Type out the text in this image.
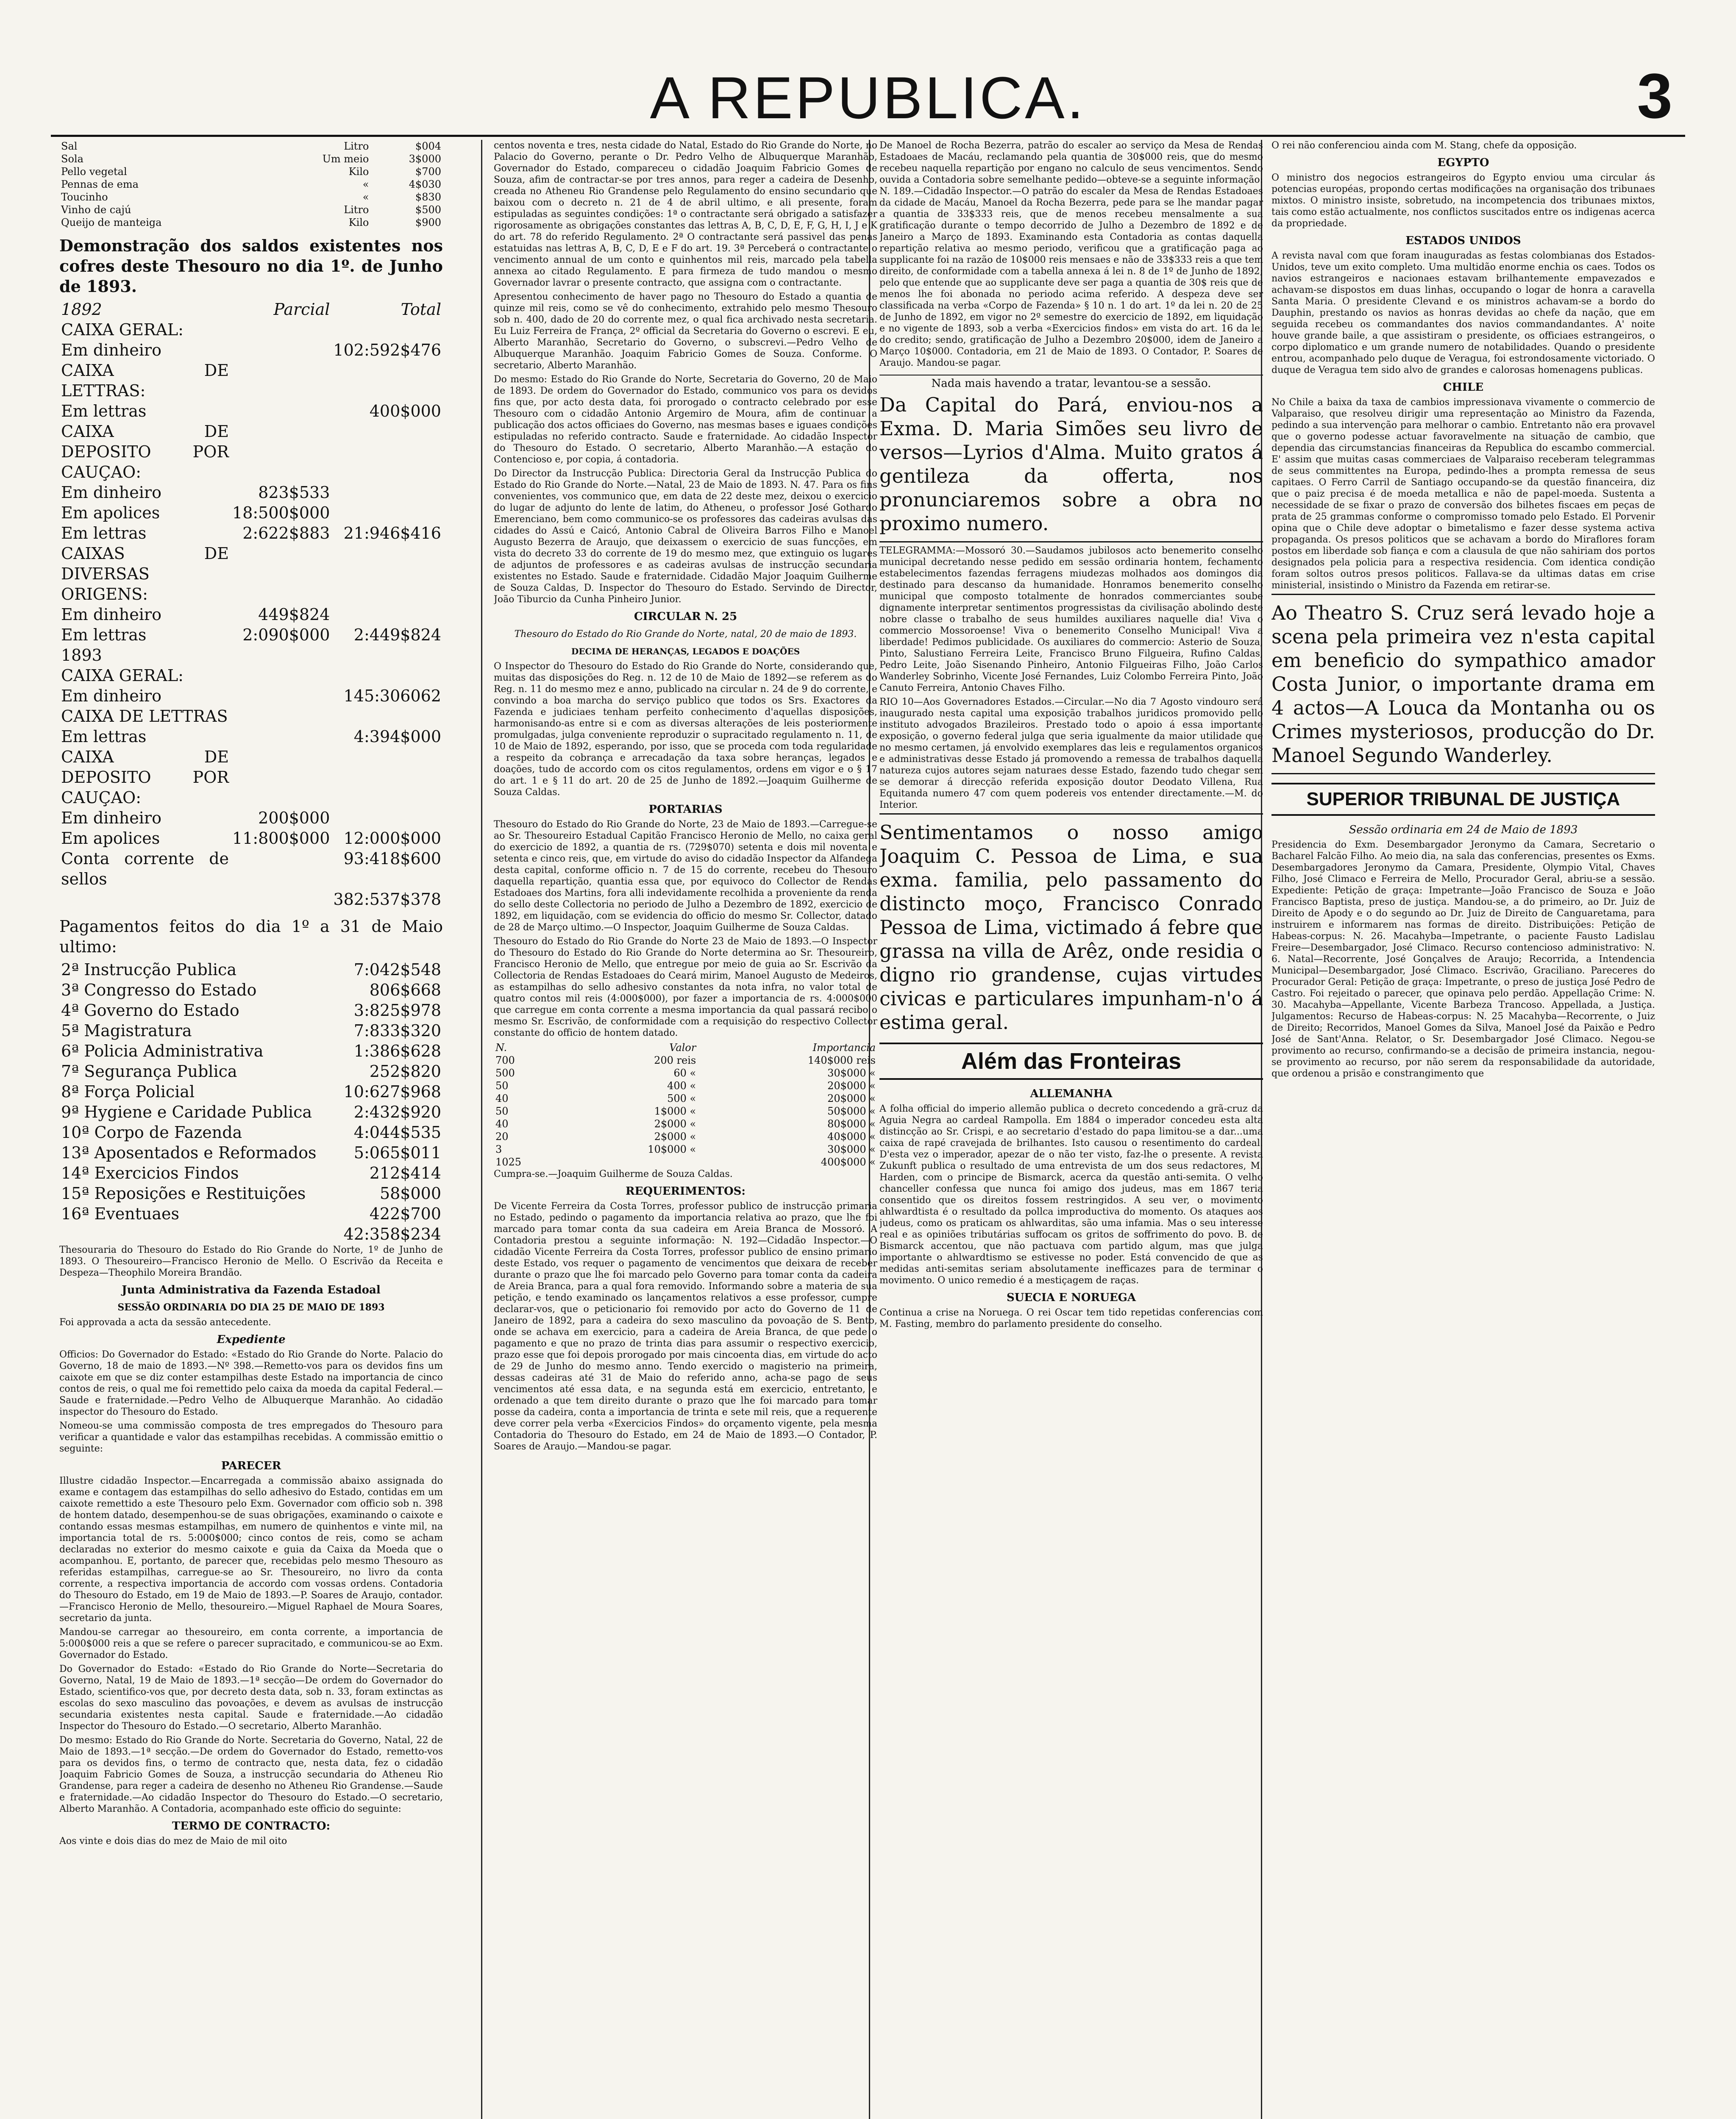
A REPUBLICA.	3
Sal	Litro	$004
Sola	Um meio	3$000
Pello vegetal	Kilo	$700
Pennas de ema	«	4$030
Toucinho	«	$830
Vinho de cajú	Litro	$500
Queijo de manteiga	Kilo	$900

Demonstração dos saldos existentes nos cofres deste Thesouro no dia 1º. de Junho de 1893.

1892	Parcial	Total
CAIXA GERAL:		
Em dinheiro		102:592$476
CAIXA DE LETTRAS:		
Em lettras		400$000
CAIXA DE DEPOSITO POR CAUÇAO:		
Em dinheiro	823$533	
Em apolices	18:500$000	
Em lettras	2:622$883	21:946$416
CAIXAS DE DIVERSAS ORIGENS:		
Em dinheiro	449$824	
Em lettras	2:090$000	2:449$824
1893		
CAIXA GERAL:		
Em dinheiro		145:306062
CAIXA DE LETTRAS		
Em lettras		4:394$000
CAIXA DE DEPOSITO POR CAUÇAO:		
Em dinheiro	200$000	
Em apolices	11:800$000	12:000$000
Conta corrente de sellos		93:418$600
		382:537$378

Pagamentos feitos do dia 1º a 31 de Maio ultimo:

2ª Instrucção Publica	7:042$548
3ª Congresso do Estado	806$668
4ª Governo do Estado	3:825$978
5ª Magistratura	7:833$320
6ª Policia Administrativa	1:386$628
7ª Segurança Publica	252$820
8ª Força Policial	10:627$968
9ª Hygiene e Caridade Publica	2:432$920
10ª Corpo de Fazenda	4:044$535
13ª Aposentados e Reformados	5:065$011
14ª Exercicios Findos	212$414
15ª Reposições e Restituições	58$000
16ª Eventuaes	422$700
	42:358$234

Thesouraria do Thesouro do Estado do Rio Grande do Norte, 1º de Junho de 1893. O Thesoureiro—Francisco Heronio de Mello. O Escrivão da Receita e Despeza—Theophilo Moreira Brandão.

Junta Administrativa da Fazenda Estadoal
SESSÃO ORDINARIA DO DIA 25 DE MAIO DE 1893

Foi approvada a acta da sessão antecedente.

Expediente

Officios: Do Governador do Estado: «Estado do Rio Grande do Norte. Palacio do Governo, 18 de maio de 1893.—Nº 398.—Remetto-vos para os devidos fins um caixote em que se diz conter estampilhas deste Estado na importancia de cinco contos de reis, o qual me foi remettido pelo caixa da moeda da capital Federal.—Saude e fraternidade.—Pedro Velho de Albuquerque Maranhão. Ao cidadão inspector do Thesouro do Estado.

Nomeou-se uma commissão composta de tres empregados do Thesouro para verificar a quantidade e valor das estampilhas recebidas. A commissão emittio o seguinte:

PARECER

Illustre cidadão Inspector.—Encarregada a commissão abaixo assignada do exame e contagem das estampilhas do sello adhesivo do Estado, contidas em um caixote remettido a este Thesouro pelo Exm. Governador com officio sob n. 398 de hontem datado, desempenhou-se de suas obrigações, examinando o caixote e contando essas mesmas estampilhas, em numero de quinhentos e vinte mil, na importancia total de rs. 5:000$000; cinco contos de reis, como se acham declaradas no exterior do mesmo caixote e guia da Caixa da Moeda que o acompanhou. E, portanto, de parecer que, recebidas pelo mesmo Thesouro as referidas estampilhas, carregue-se ao Sr. Thesoureiro, no livro da conta corrente, a respectiva importancia de accordo com vossas ordens. Contadoria do Thesouro do Estado, em 19 de Maio de 1893.—P. Soares de Araujo, contador.—Francisco Heronio de Mello, thesoureiro.—Miguel Raphael de Moura Soares, secretario da junta.

Mandou-se carregar ao thesoureiro, em conta corrente, a importancia de 5:000$000 reis a que se refere o parecer supracitado, e communicou-se ao Exm. Governador do Estado.

Do Governador do Estado: «Estado do Rio Grande do Norte—Secretaria do Governo, Natal, 19 de Maio de 1893.—1ª secção—De ordem do Governador do Estado, scientifico-vos que, por decreto desta data, sob n. 33, foram extinctas as escolas do sexo masculino das povoações, e devem as avulsas de instrucção secundaria existentes nesta capital. Saude e fraternidade.—Ao cidadão Inspector do Thesouro do Estado.—O secretario, Alberto Maranhão.

Do mesmo: Estado do Rio Grande do Norte. Secretaria do Governo, Natal, 22 de Maio de 1893.—1ª secção.—De ordem do Governador do Estado, remetto-vos para os devidos fins, o termo de contracto que, nesta data, fez o cidadão Joaquim Fabricio Gomes de Souza, a instrucção secundaria do Atheneu Rio Grandense, para reger a cadeira de desenho no Atheneu Rio Grandense.—Saude e fraternidade.—Ao cidadão Inspector do Thesouro do Estado.—O secretario, Alberto Maranhão. A Contadoria, acompanhado este officio do seguinte:

TERMO DE CONTRACTO:

Aos vinte e dois dias do mez de Maio de mil oito

centos noventa e tres, nesta cidade do Natal, Estado do Rio Grande do Norte, no Palacio do Governo, perante o Dr. Pedro Velho de Albuquerque Maranhão, Governador do Estado, compareceu o cidadão Joaquim Fabricio Gomes de Souza, afim de contractar-se por tres annos, para reger a cadeira de Desenho, creada no Atheneu Rio Grandense pelo Regulamento do ensino secundario que baixou com o decreto n. 21 de 4 de abril ultimo, e ali presente, foram estipuladas as seguintes condições: 1ª o contractante será obrigado a satisfazer rigorosamente as obrigações constantes das lettras A, B, C, D, E, F, G, H, I, J e K do art. 78 do referido Regulamento. 2ª O contractante será passivel das penas estatuidas nas lettras A, B, C, D, E e F do art. 19. 3ª Perceberá o contractante o vencimento annual de um conto e quinhentos mil reis, marcado pela tabella annexa ao citado Regulamento. E para firmeza de tudo mandou o mesmo Governador lavrar o presente contracto, que assigna com o contractante.

Apresentou conhecimento de haver pago no Thesouro do Estado a quantia de quinze mil reis, como se vê do conhecimento, extrahido pelo mesmo Thesouro sob n. 400, dado de 20 do corrente mez, o qual fica archivado nesta secretaria. Eu Luiz Ferreira de França, 2º official da Secretaria do Governo o escrevi. E eu, Alberto Maranhão, Secretario do Governo, o subscrevi.—Pedro Velho de Albuquerque Maranhão. Joaquim Fabricio Gomes de Souza. Conforme. O secretario, Alberto Maranhão.

Do mesmo: Estado do Rio Grande do Norte, Secretaria do Governo, 20 de Maio de 1893. De ordem do Governador do Estado, communico vos para os devidos fins que, por acto desta data, foi prorogado o contracto celebrado por esse Thesouro com o cidadão Antonio Argemiro de Moura, afim de continuar a publicação dos actos officiaes do Governo, nas mesmas bases e iguaes condições estipuladas no referido contracto. Saude e fraternidade. Ao cidadão Inspector do Thesouro do Estado. O secretario, Alberto Maranhão.—A estação do Contencioso e, por copia, á contadoria.

Do Director da Instrucção Publica: Directoria Geral da Instrucção Publica do Estado do Rio Grande do Norte.—Natal, 23 de Maio de 1893. N. 47. Para os fins convenientes, vos communico que, em data de 22 deste mez, deixou o exercicio do lugar de adjunto do lente de latim, do Atheneu, o professor José Gothardo Emerenciano, bem como communico-se os professores das cadeiras avulsas das cidades do Assú e Caicó, Antonio Cabral de Oliveira Barros Filho e Manoel Augusto Bezerra de Araujo, que deixassem o exercicio de suas funcções, em vista do decreto 33 do corrente de 19 do mesmo mez, que extinguio os lugares de adjuntos de professores e as cadeiras avulsas de instrucção secundaria existentes no Estado. Saude e fraternidade. Cidadão Major Joaquim Guilherme de Souza Caldas, D. Inspector do Thesouro do Estado. Servindo de Director, João Tiburcio da Cunha Pinheiro Junior.

CIRCULAR N. 25
Thesouro do Estado do Rio Grande do Norte, natal, 20 de maio de 1893.
DECIMA DE HERANÇAS, LEGADOS E DOAÇÕES

O Inspector do Thesouro do Estado do Rio Grande do Norte, considerando que, muitas das disposições do Reg. n. 12 de 10 de Maio de 1892—se referem as do Reg. n. 11 do mesmo mez e anno, publicado na circular n. 24 de 9 do corrente, e convindo a boa marcha do serviço publico que todos os Srs. Exactores da Fazenda e judiciaes tenham perfeito conhecimento d'aquellas disposições, harmonisando-as entre si e com as diversas alterações de leis posteriormente promulgadas, julga conveniente reproduzir o supracitado regulamento n. 11, de 10 de Maio de 1892, esperando, por isso, que se proceda com toda regularidade a respeito da cobrança e arrecadação da taxa sobre heranças, legados e doações, tudo de accordo com os citos regulamentos, ordens em vigor e o § 17 do art. 1 e § 11 do art. 20 de 25 de Junho de 1892.—Joaquim Guilherme de Souza Caldas.

PORTARIAS

Thesouro do Estado do Rio Grande do Norte, 23 de Maio de 1893.—Carregue-se ao Sr. Thesoureiro Estadual Capitão Francisco Heronio de Mello, no caixa geral do exercicio de 1892, a quantia de rs. (729$070) setenta e dois mil noventa e setenta e cinco reis, que, em virtude do aviso do cidadão Inspector da Alfandega desta capital, conforme officio n. 7 de 15 do corrente, recebeu do Thesouro daquella repartição, quantia essa que, por equivoco do Collector de Rendas Estadoaes dos Martins, fora alli indevidamente recolhida a proveniente da renda do sello deste Collectoria no periodo de Julho a Dezembro de 1892, exercicio de 1892, em liquidação, com se evidencia do officio do mesmo Sr. Collector, datado de 28 de Março ultimo.—O Inspector, Joaquim Guilherme de Souza Caldas.

Thesouro do Estado do Rio Grande do Norte 23 de Maio de 1893.—O Inspector do Thesouro do Estado do Rio Grande do Norte determina ao Sr. Thesoureiro, Francisco Heronio de Mello, que entregue por meio de guia ao Sr. Escrivão da Collectoria de Rendas Estadoaes do Ceará mirim, Manoel Augusto de Medeiros, as estampilhas do sello adhesivo constantes da nota infra, no valor total de quatro contos mil reis (4:000$000), por fazer a importancia de rs. 4:000$000 que carregue em conta corrente a mesma importancia da qual passará recibo o mesmo Sr. Escrivão, de conformidade com a requisição do respectivo Collector constante do officio de hontem datado.

N.	Valor	Importancia
700	200 reis	140$000 reis
500	60 «	30$000 «
50	400 «	20$000 «
40	500 «	20$000 «
50	1$000 «	50$000 «
40	2$000 «	80$000 «
20	2$000 «	40$000 «
3	10$000 «	30$000 «
1025		400$000 «

Cumpra-se.—Joaquim Guilherme de Souza Caldas.

REQUERIMENTOS:

De Vicente Ferreira da Costa Torres, professor publico de instrucção primaria no Estado, pedindo o pagamento da importancia relativa ao prazo, que lhe foi marcado para tomar conta da sua cadeira em Areia Branca de Mossoró. A Contadoria prestou a seguinte informação: N. 192—Cidadão Inspector.—O cidadão Vicente Ferreira da Costa Torres, professor publico de ensino primario deste Estado, vos requer o pagamento de vencimentos que deixara de receber durante o prazo que lhe foi marcado pelo Governo para tomar conta da cadeira de Areia Branca, para a qual fora removido. Informando sobre a materia de sua petição, e tendo examinado os lançamentos relativos a esse professor, cumpre declarar-vos, que o peticionario foi removido por acto do Governo de 11 de Janeiro de 1892, para a cadeira do sexo masculino da povoação de S. Bento, onde se achava em exercicio, para a cadeira de Areia Branca, de que pede o pagamento e que no prazo de trinta dias para assumir o respectivo exercicio, prazo esse que foi depois prorogado por mais cincoenta dias, em virtude do acto de 29 de Junho do mesmo anno. Tendo exercido o magisterio na primeira, dessas cadeiras até 31 de Maio do referido anno, acha-se pago de seus vencimentos até essa data, e na segunda está em exercicio, entretanto, e ordenado a que tem direito durante o prazo que lhe foi marcado para tomar posse da cadeira, conta a importancia de trinta e sete mil reis, que a requerente deve correr pela verba «Exercicios Findos» do orçamento vigente, pela mesma Contadoria do Thesouro do Estado, em 24 de Maio de 1893.—O Contador, P. Soares de Araujo.—Mandou-se pagar.

De Manoel de Rocha Bezerra, patrão do escaler ao serviço da Mesa de Rendas Estadoaes de Macáu, reclamando pela quantia de 30$000 reis, que do mesmo recebeu naquella repartição por engano no calculo de seus vencimentos. Sendo ouvida a Contadoria sobre semelhante pedido—obteve-se a seguinte informação: N. 189.—Cidadão Inspector.—O patrão do escaler da Mesa de Rendas Estadoaes da cidade de Macáu, Manoel da Rocha Bezerra, pede para se lhe mandar pagar a quantia de 33$333 reis, que de menos recebeu mensalmente a sua gratificação durante o tempo decorrido de Julho a Dezembro de 1892 e de Janeiro a Março de 1893. Examinando esta Contadoria as contas daquella repartição relativa ao mesmo periodo, verificou que a gratificação paga ao supplicante foi na razão de 10$000 reis mensaes e não de 33$333 reis a que tem direito, de conformidade com a tabella annexa á lei n. 8 de 1º de Junho de 1892; pelo que entende que ao supplicante deve ser paga a quantia de 30$ reis que de menos lhe foi abonada no periodo acima referido. A despeza deve ser classificada na verba «Corpo de Fazenda» § 10 n. 1 do art. 1º da lei n. 20 de 25 de Junho de 1892, em vigor no 2º semestre do exercicio de 1892, em liquidação e no vigente de 1893, sob a verba «Exercicios findos» em vista do art. 16 da lei do credito; sendo, gratificação de Julho a Dezembro 20$000, idem de Janeiro a Março 10$000. Contadoria, em 21 de Maio de 1893. O Contador, P. Soares de Araujo. Mandou-se pagar.

Nada mais havendo a tratar, levantou-se a sessão.

Da Capital do Pará, enviou-nos a Exma. D. Maria Simões seu livro de versos—Lyrios d'Alma. Muito gratos á gentileza da offerta, nos pronunciaremos sobre a obra no proximo numero.

TELEGRAMMA:—Mossoró 30.—Saudamos jubilosos acto benemerito conselho municipal decretando nesse pedido em sessão ordinaria hontem, fechamento estabelecimentos fazendas ferragens miudezas molhados aos domingos dia destinado para descanso da humanidade. Honramos benemerito conselho municipal que composto totalmente de honrados commerciantes soube dignamente interpretar sentimentos progressistas da civilisação abolindo deste nobre classe o trabalho de seus humildes auxiliares naquelle dia! Viva o commercio Mossoroense! Viva o benemerito Conselho Municipal! Viva a liberdade! Pedimos publicidade. Os auxiliares do commercio: Asterio de Souza, Pinto, Salustiano Ferreira Leite, Francisco Bruno Filgueira, Rufino Caldas, Pedro Leite, João Sisenando Pinheiro, Antonio Filgueiras Filho, João Carlos Wanderley Sobrinho, Vicente José Fernandes, Luiz Colombo Ferreira Pinto, João Canuto Ferreira, Antonio Chaves Filho.

RIO 10—Aos Governadores Estados.—Circular.—No dia 7 Agosto vindouro será inaugurado nesta capital uma exposição trabalhos juridicos promovido pello instituto advogados Brazileiros. Prestado todo o apoio á essa importante exposição, o governo federal julga que seria igualmente da maior utilidade que no mesmo certamen, já envolvido exemplares das leis e regulamentos organicos e administrativas desse Estado já promovendo a remessa de trabalhos daquella natureza cujos autores sejam naturaes desse Estado, fazendo tudo chegar sem se demorar á direcção referida exposição doutor Deodato Villena, Rua Equitanda numero 47 com quem podereis vos entender directamente.—M. do Interior.

Sentimentamos o nosso amigo Joaquim C. Pessoa de Lima, e sua exma. familia, pelo passamento do distincto moço, Francisco Conrado Pessoa de Lima, victimado á febre que grassa na villa de Arêz, onde residia o digno rio grandense, cujas virtudes civicas e particulares impunham-n'o á estima geral.

Além das Fronteiras
ALLEMANHA

A folha official do imperio allemão publica o decreto concedendo a grã-cruz da Aguia Negra ao cardeal Rampolla. Em 1884 o imperador concedeu esta alta distincção ao Sr. Crispi, e ao secretario d'estado do papa limitou-se a dar...uma caixa de rapé cravejada de brilhantes. Isto causou o resentimento do cardeal. D'esta vez o imperador, apezar de o não ter visto, faz-lhe o presente. A revista Zukunft publica o resultado de uma entrevista de um dos seus redactores, M. Harden, com o principe de Bismarck, acerca da questão anti-semita. O velho chanceller confessa que nunca foi amigo dos judeus, mas em 1867 teria consentido que os direitos fossem restringidos. A seu ver, o movimento ahlwardtista é o resultado da pollca improductiva do momento. Os ataques aos judeus, como os praticam os ahlwarditas, são uma infamia. Mas o seu interesse real e as opiniões tributárias suffocam os gritos de soffrimento do povo. B. de Bismarck accentou, que não pactuava com partido algum, mas que julga importante o ahlwardtismo se estivesse no poder. Está convencido de que as medidas anti-semitas seriam absolutamente inefficazes para de terminar o movimento. O unico remedio é a mestiçagem de raças.

SUECIA E NORUEGA

Continua a crise na Noruega. O rei Oscar tem tido repetidas conferencias com M. Fasting, membro do parlamento presidente do conselho.

O rei não conferenciou ainda com M. Stang, chefe da opposição.

EGYPTO

O ministro dos negocios estrangeiros do Egypto enviou uma circular ás potencias européas, propondo certas modificações na organisação dos tribunaes mixtos. O ministro insiste, sobretudo, na incompetencia dos tribunaes mixtos, tais como estão actualmente, nos conflictos suscitados entre os indigenas acerca da propriedade.

ESTADOS UNIDOS

A revista naval com que foram inauguradas as festas colombianas dos Estados-Unidos, teve um exito completo. Uma multidão enorme enchia os caes. Todos os navios estrangeiros e nacionaes estavam brilhantemente empavezados e achavam-se dispostos em duas linhas, occupando o logar de honra a caravella Santa Maria. O presidente Clevand e os ministros achavam-se a bordo do Dauphin, prestando os navios as honras devidas ao chefe da nação, que em seguida recebeu os commandantes dos navios commandandantes. A' noite houve grande baile, a que assistiram o presidente, os officiaes estrangeiros, o corpo diplomatico e um grande numero de notabilidades. Quando o presidente entrou, acompanhado pelo duque de Veragua, foi estrondosamente victoriado. O duque de Veragua tem sido alvo de grandes e calorosas homenagens publicas.

CHILE

No Chile a baixa da taxa de cambios impressionava vivamente o commercio de Valparaiso, que resolveu dirigir uma representação ao Ministro da Fazenda, pedindo a sua intervenção para melhorar o cambio. Entretanto não era provavel que o governo podesse actuar favoravelmente na situação de cambio, que dependia das circumstancias financeiras da Republica do escambo commercial. E' assim que muitas casas commerciaes de Valparaiso receberam telegrammas de seus committentes na Europa, pedindo-lhes a prompta remessa de seus capitaes. O Ferro Carril de Santiago occupando-se da questão financeira, diz que o paiz precisa é de moeda metallica e não de papel-moeda. Sustenta a necessidade de se fixar o prazo de conversão dos bilhetes fiscaes em peças de prata de 25 grammas conforme o compromisso tomado pelo Estado. El Porvenir opina que o Chile deve adoptar o bimetalismo e fazer desse systema activa propaganda. Os presos politicos que se achavam a bordo do Miraflores foram postos em liberdade sob fiança e com a clausula de que não sahiriam dos portos designados pela policia para a respectiva residencia. Com identica condição foram soltos outros presos politicos. Fallava-se da ultimas datas em crise ministerial, insistindo o Ministro da Fazenda em retirar-se.

Ao Theatro S. Cruz será levado hoje a scena pela primeira vez n'esta capital em beneficio do sympathico amador Costa Junior, o importante drama em 4 actos—A Louca da Montanha ou os Crimes mysteriosos, producção do Dr. Manoel Segundo Wanderley.

SUPERIOR TRIBUNAL DE JUSTIÇA
Sessão ordinaria em 24 de Maio de 1893

Presidencia do Exm. Desembargador Jeronymo da Camara, Secretario o Bacharel Falcão Filho. Ao meio dia, na sala das conferencias, presentes os Exms. Desembargadores Jeronymo da Camara, Presidente, Olympio Vital, Chaves Filho, José Climaco e Ferreira de Mello, Procurador Geral, abriu-se a sessão. Expediente: Petição de graça: Impetrante—João Francisco de Souza e João Francisco Baptista, preso de justiça. Mandou-se, a do primeiro, ao Dr. Juiz de Direito de Apody e o do segundo ao Dr. Juiz de Direito de Canguaretama, para instruirem e informarem nas formas de direito. Distribuições: Petição de Habeas-corpus: N. 26. Macahyba—Impetrante, o paciente Fausto Ladislau Freire—Desembargador, José Climaco. Recurso contencioso administrativo: N. 6. Natal—Recorrente, José Gonçalves de Araujo; Recorrida, a Intendencia Municipal—Desembargador, José Climaco. Escrivão, Graciliano. Pareceres do Procurador Geral: Petição de graça: Impetrante, o preso de justiça José Pedro de Castro. Foi rejeitado o parecer, que opinava pelo perdão. Appellação Crime: N. 30. Macahyba—Appellante, Vicente Barbeza Trancoso. Appellada, a Justiça. Julgamentos: Recurso de Habeas-corpus: N. 25 Macahyba—Recorrente, o Juiz de Direito; Recorridos, Manoel Gomes da Silva, Manoel José da Paixão e Pedro José de Sant'Anna. Relator, o Sr. Desembargador José Climaco. Negou-se provimento ao recurso, confirmando-se a decisão de primeira instancia, negou-se provimento ao recurso, por não serem da responsabilidade da autoridade, que ordenou a prisão e constrangimento que
